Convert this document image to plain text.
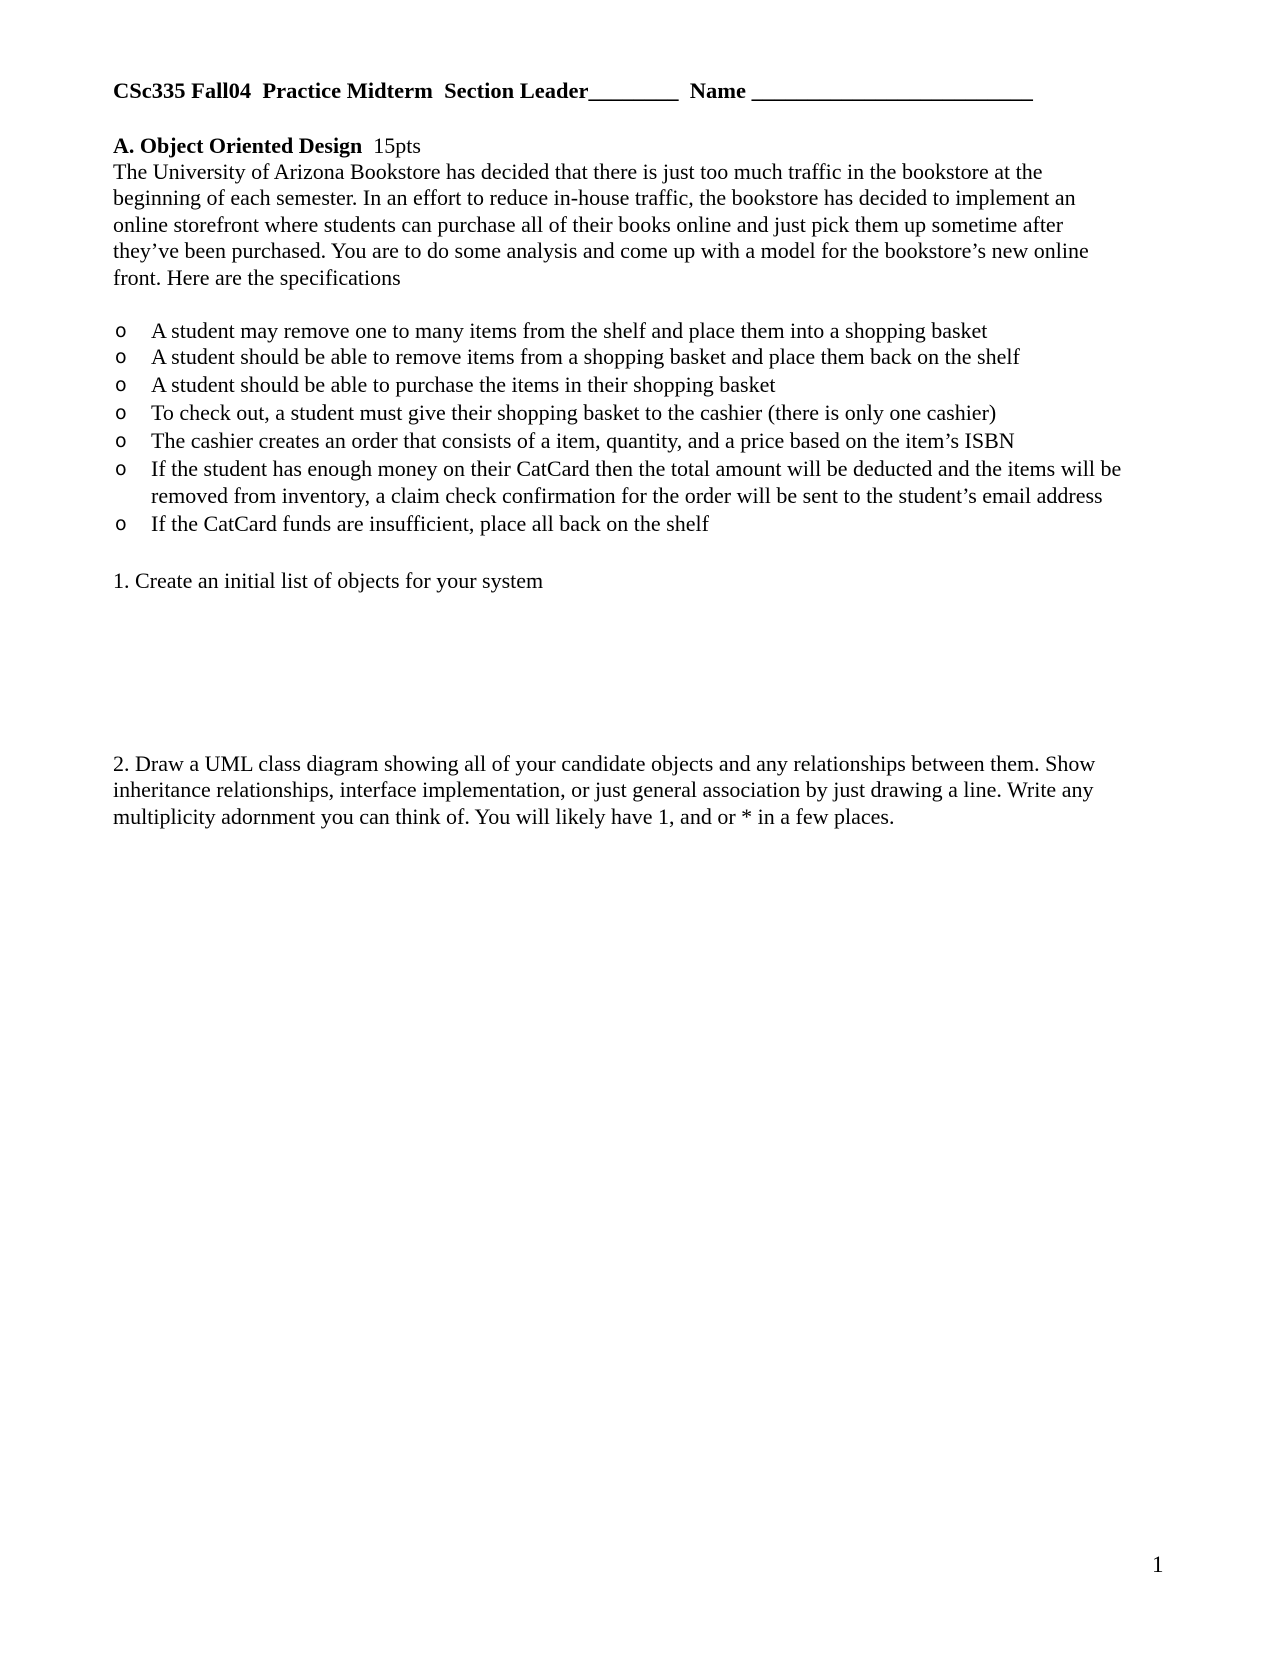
CSc335 Fall04  Practice Midterm  Section Leader________  Name _________________________
A. Object Oriented Design 15pts
The University of Arizona Bookstore has decided that there is just too much traffic in the bookstore at the
beginning of each semester. In an effort to reduce in-house traffic, the bookstore has decided to implement an
online storefront where students can purchase all of their books online and just pick them up sometime after
they’ve been purchased. You are to do some analysis and come up with a model for the bookstore’s new online
front. Here are the specifications
o A student may remove one to many items from the shelf and place them into a shopping basket
o A student should be able to remove items from a shopping basket and place them back on the shelf
o A student should be able to purchase the items in their shopping basket
o To check out, a student must give their shopping basket to the cashier (there is only one cashier)
o The cashier creates an order that consists of a item, quantity, and a price based on the item’s ISBN
o If the student has enough money on their CatCard then the total amount will be deducted and the items will be
removed from inventory, a claim check confirmation for the order will be sent to the student’s email address
o If the CatCard funds are insufficient, place all back on the shelf
1. Create an initial list of objects for your system
2. Draw a UML class diagram showing all of your candidate objects and any relationships between them. Show
inheritance relationships, interface implementation, or just general association by just drawing a line. Write any
multiplicity adornment you can think of. You will likely have 1, and or * in a few places.
1
